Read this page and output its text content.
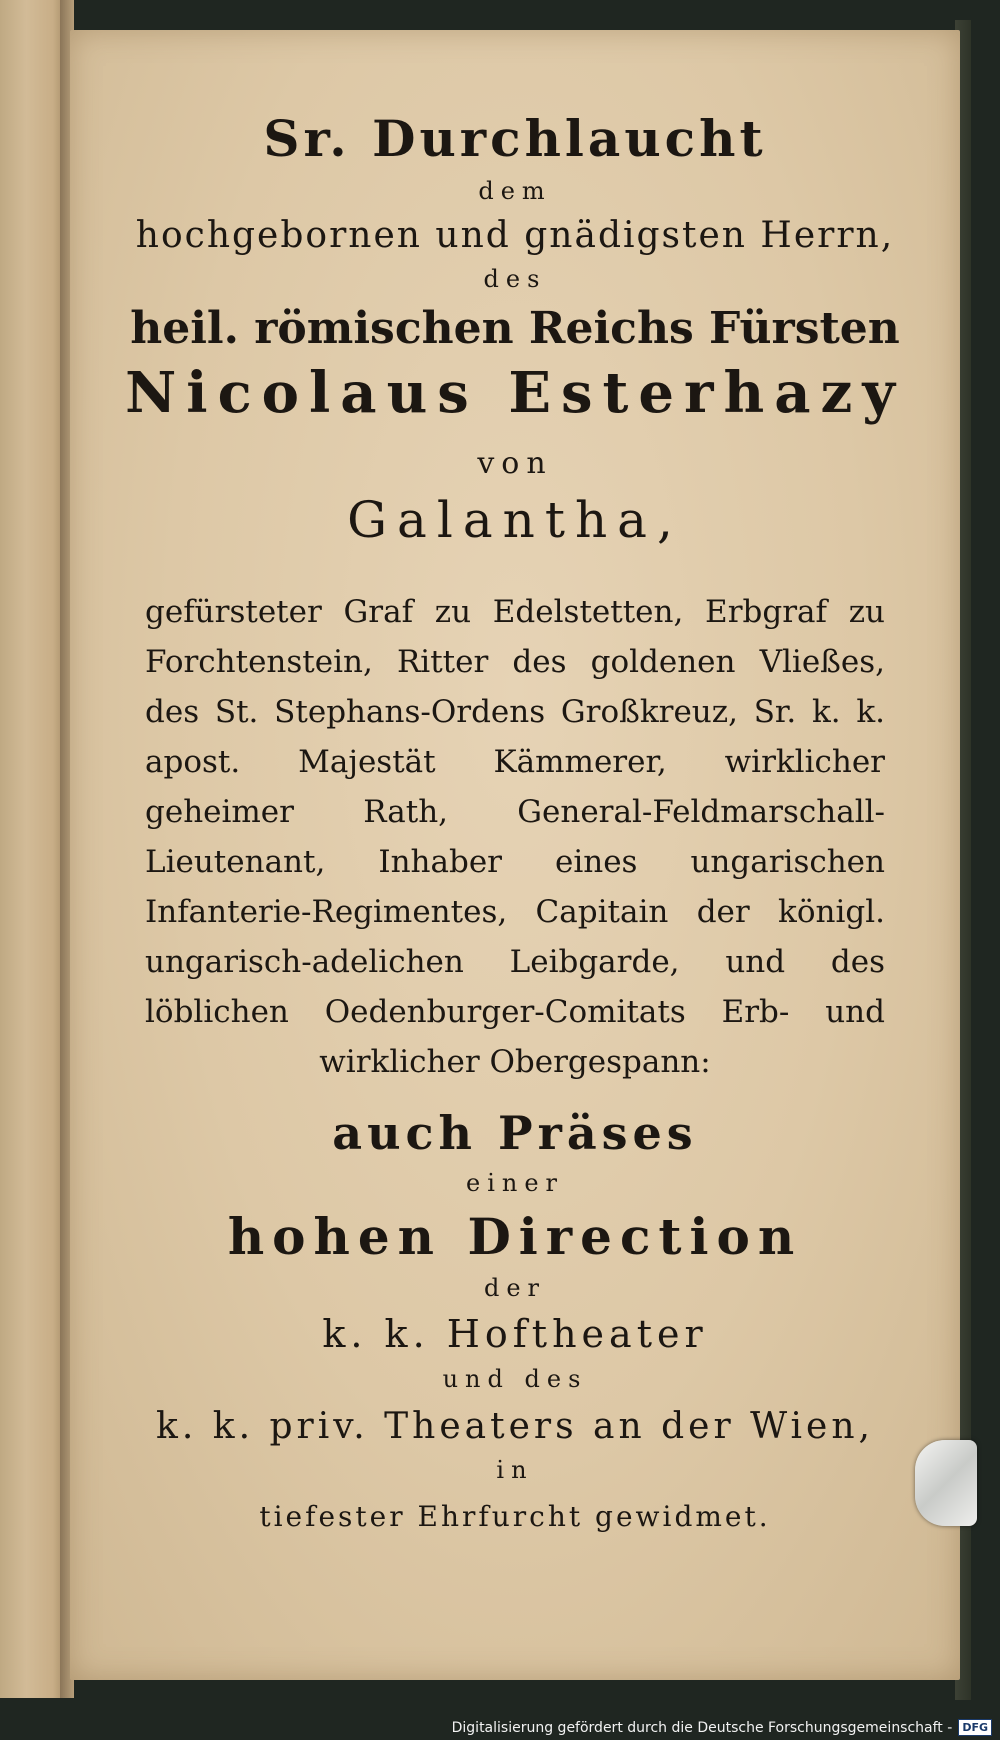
Sr. Durchlaucht

dem

hochgebornen und gnädigsten Herrn,

des

heil. römischen Reichs Fürsten

Nicolaus Esterhazy

von

Galantha,

gefürsteter Graf zu Edelstetten, Erbgraf zu Forchtenstein, Ritter des goldenen Vließes, des St. Stephans-Ordens Großkreuz, Sr. k. k. apost. Majestät Kämmerer, wirklicher geheimer Rath, General-Feldmarschall-Lieutenant, Inhaber eines ungarischen Infanterie-Regimentes, Capitain der königl. ungarisch-adelichen Leibgarde, und des löblichen Oedenburger-Comitats Erb- und wirklicher Obergespann:

auch Präses

einer

hohen Direction

der

k. k. Hoftheater

und des

k. k. priv. Theaters an der Wien,

in

tiefester Ehrfurcht gewidmet.

Digitalisierung gefördert durch die Deutsche Forschungsgemeinschaft - DFG
